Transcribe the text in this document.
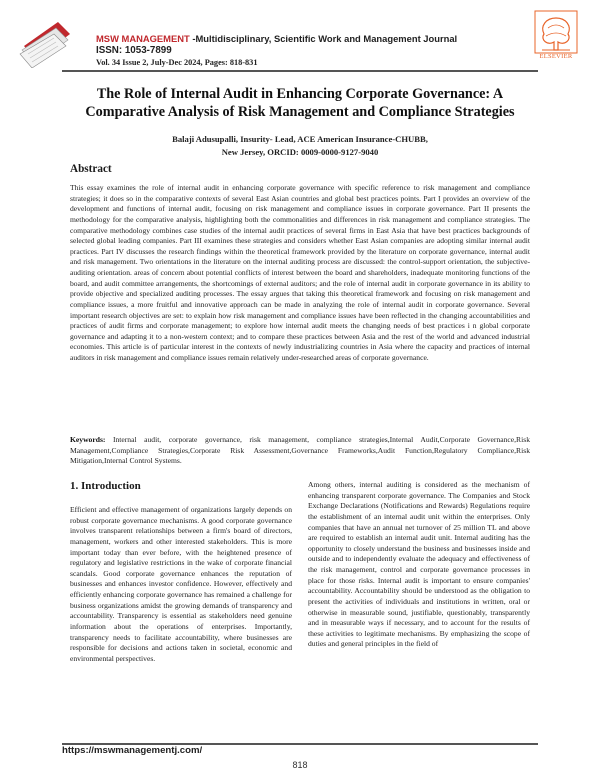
MSW MANAGEMENT -Multidisciplinary, Scientific Work and Management Journal
ISSN: 1053-7899
Vol. 34 Issue 2, July-Dec 2024, Pages: 818-831
ELSEVIER
The Role of Internal Audit in Enhancing Corporate Governance: A
Comparative Analysis of Risk Management and Compliance Strategies
Balaji Adusupalli, Insurity- Lead, ACE American Insurance-CHUBB,
New Jersey, ORCID: 0009-0000-9127-9040
Abstract
This essay examines the role of internal audit in enhancing corporate governance with specific reference to risk management and compliance strategies; it does so in the comparative contexts of several East Asian countries and global best practices points. Part I provides an overview of the development and functions of internal audit, focusing on risk management and compliance issues in corporate governance. Part II presents the methodology for the comparative analysis, highlighting both the commonalities and differences in risk management and compliance strategies. The comparative methodology combines case studies of the internal audit practices of several firms in East Asia that have best practices backgrounds of selected global leading companies. Part III examines these strategies and considers whether East Asian companies are adopting similar internal audit practices. Part IV discusses the research findings within the theoretical framework provided by the literature on corporate governance, internal audit and risk management. Two orientations in the literature on the internal auditing process are discussed: the control-support orientation, the subjective-auditing orientation. areas of concern about potential conflicts of interest between the board and shareholders, inadequate monitoring functions of the board, and audit committee arrangements, the shortcomings of external auditors; and the role of internal audit in corporate governance in its ability to provide objective and specialized auditing processes. The essay argues that taking this theoretical framework and focusing on risk management and compliance issues, a more fruitful and innovative approach can be made in analyzing the role of internal audit in corporate governance. Several important research objectives are set: to explain how risk management and compliance issues have been reflected in the changing accountabilities and practices of audit firms and corporate management; to explore how internal audit meets the changing needs of best practices i n global corporate governance and adapting it to a non-western context; and to compare these practices between Asia and the rest of the world and advanced industrial economies. This article is of particular interest in the contexts of newly industrializing countries in Asia where the capacity and practices of internal auditors in risk management and compliance issues remain relatively under-researched areas of corporate governance.
Keywords: Internal audit, corporate governance, risk management, compliance strategies,Internal Audit,Corporate Governance,Risk Management,Compliance Strategies,Corporate Risk Assessment,Governance Frameworks,Audit Function,Regulatory Compliance,Risk Mitigation,Internal Control Systems.
1. Introduction
Efficient and effective management of organizations largely depends on robust corporate governance mechanisms. A good corporate governance involves transparent relationships between a firm's board of directors, management, workers and other interested stakeholders. This is more important today than ever before, with the heightened presence of regulatory and legislative restrictions in the wake of corporate financial scandals. Good corporate governance enhances the reputation of businesses and enhances investor confidence. However, effectively and efficiently enhancing corporate governance has remained a challenge for business organizations amidst the growing demands of transparency and accountability. Transparency is essential as stakeholders need genuine information about the operations of enterprises. Importantly, transparency needs to facilitate accountability, where businesses are responsible for decisions and actions taken in societal, economic and environmental perspectives.
Among others, internal auditing is considered as the mechanism of enhancing transparent corporate governance. The Companies and Stock Exchange Declarations (Notifications and Rewards) Regulations require the establishment of an internal audit unit within the enterprises. Only companies that have an annual net turnover of 25 million TL and above are required to establish an internal audit unit. Internal auditing has the opportunity to closely understand the business and businesses inside and outside and to independently evaluate the adequacy and effectiveness of the risk management, control and corporate governance processes in place for those risks. Internal audit is important to ensure companies' accountability. Accountability should be understood as the obligation to present the activities of individuals and institutions in written, oral or otherwise in measurable sound, justifiable, questionably, transparently and in measurable ways if necessary, and to account for the results of these activities to legitimate mechanisms. By emphasizing the scope of duties and general principles in the field of
https://mswmanagementj.com/
818
